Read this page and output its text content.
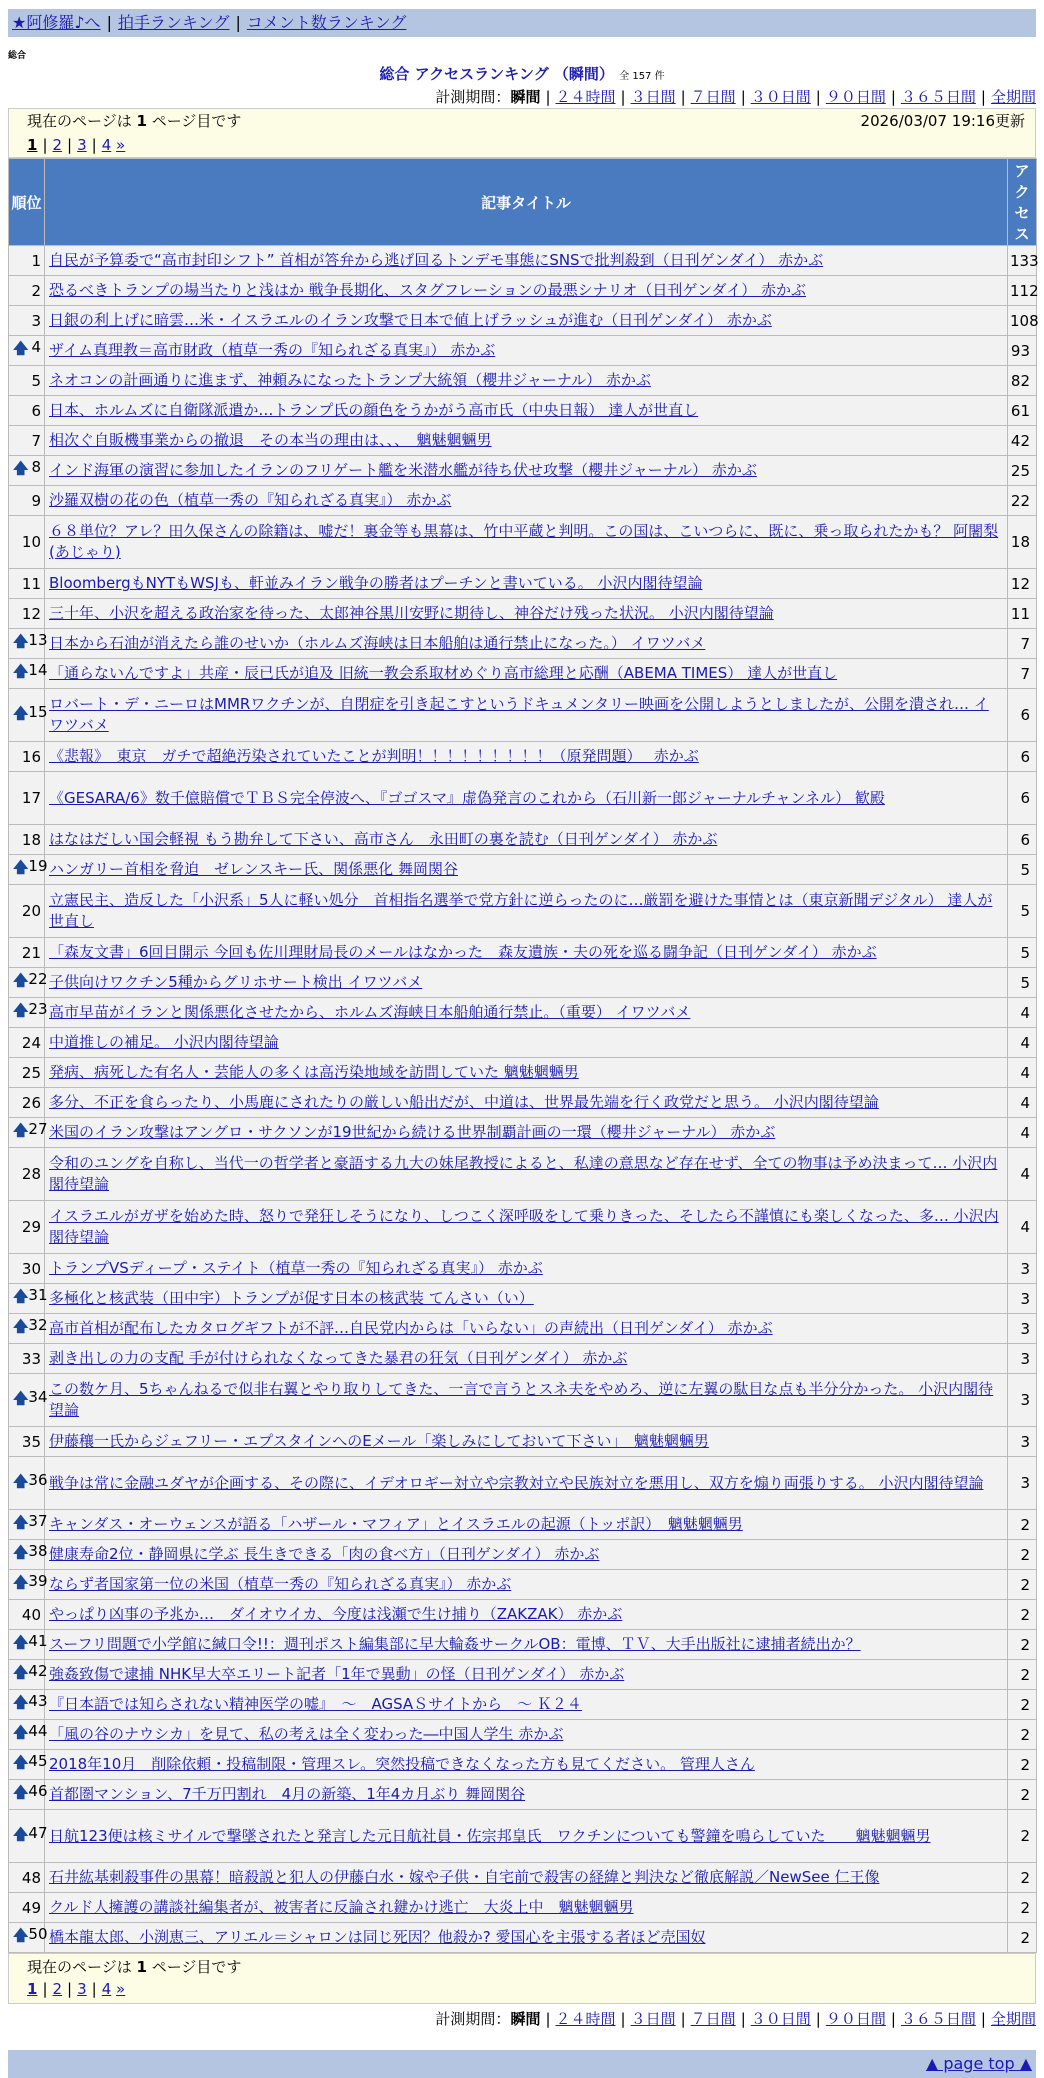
★阿修羅♪へ | 拍手ランキング | コメント数ランキング
総合
総合 アクセスランキング （瞬間） 全 157 件
計測期間：瞬間 | ２４時間 | ３日間 | ７日間 | ３０日間 | ９０日間 | ３６５日間 | 全期間
現在のページは 1 ページ目です	2026/03/07 19:16更新
1 | 2 | 3 | 4 »
順位	記事タイトル	アクセス
1	自民が予算委で“高市封印シフト” 首相が答弁から逃げ回るトンデモ事態にSNSで批判殺到（日刊ゲンダイ） 赤かぶ	133
2	恐るべきトランプの場当たりと浅はか 戦争長期化、スタグフレーションの最悪シナリオ（日刊ゲンダイ） 赤かぶ	112
3	日銀の利上げに暗雲…米・イスラエルのイラン攻撃で日本で値上げラッシュが進む（日刊ゲンダイ） 赤かぶ	108

🡅 4	ザイム真理教＝高市財政（植草一秀の『知られざる真実』） 赤かぶ	93
5	ネオコンの計画通りに進まず、神頼みになったトランプ大統領（櫻井ジャーナル） 赤かぶ	82
6	日本、ホルムズに自衛隊派遣か…トランプ氏の顔色をうかがう高市氏（中央日報） 達人が世直し	61
7	相次ぐ自販機事業からの撤退　その本当の理由は、、、　魑魅魍魎男	42

🡅 8	インド海軍の演習に参加したイランのフリゲート艦を米潜水艦が待ち伏せ攻撃（櫻井ジャーナル） 赤かぶ	25
9	沙羅双樹の花の色（植草一秀の『知られざる真実』） 赤かぶ	22
10	６８単位？アレ？田久保さんの除籍は、嘘だ！裏金等も黒幕は、竹中平蔵と判明。この国は、こいつらに、既に、乗っ取られたかも？ 阿闍梨(あじゃり)	18
11	BloombergもNYTもWSJも、軒並みイラン戦争の勝者はプーチンと書いている。 小沢内閣待望論	12
12	三十年、小沢を超える政治家を待った、太郎神谷黒川安野に期待し、神谷だけ残った状況。 小沢内閣待望論	11

🡅 13	日本から石油が消えたら誰のせいか（ホルムズ海峡は日本船舶は通行禁止になった。） イワツバメ	7

🡅 14	「通らないんですよ」共産・辰已氏が追及 旧統一教会系取材めぐり高市総理と応酬（ABEMA TIMES） 達人が世直し	7

🡅 15	ロバート・デ・ニーロはMMRワクチンが、自閉症を引き起こすというドキュメンタリー映画を公開しようとしましたが、公開を潰され… イワツバメ	6
16	《悲報》　東京　ガチで超絶汚染されていたことが判明！！！！！！！！！（原発問題）　 赤かぶ	6
17	《GESARA/6》数千億賠償でＴＢＳ完全停波へ、『ゴゴスマ』虚偽発言のこれから（石川新一郎ジャーナルチャンネル） 歓殿	6
18	はなはだしい国会軽視 もう勘弁して下さい、高市さん　永田町の裏を読む（日刊ゲンダイ） 赤かぶ	6

🡅 19	ハンガリー首相を脅迫　ゼレンスキー氏、関係悪化 舞岡関谷	5
20	立憲民主、造反した「小沢系」5人に軽い処分　首相指名選挙で党方針に逆らったのに…厳罰を避けた事情とは（東京新聞デジタル） 達人が世直し	5
21	「森友文書」6回目開示 今回も佐川理財局長のメールはなかった　森友遺族・夫の死を巡る闘争記（日刊ゲンダイ） 赤かぶ	5

🡅 22	子供向けワクチン5種からグリホサート検出 イワツバメ	5

🡅 23	高市早苗がイランと関係悪化させたから、ホルムズ海峡日本船舶通行禁止。（重要） イワツバメ	4
24	中道推しの補足。 小沢内閣待望論	4
25	発病、病死した有名人・芸能人の多くは高汚染地域を訪問していた 魑魅魍魎男	4
26	多分、不正を食らったり、小馬鹿にされたりの厳しい船出だが、中道は、世界最先端を行く政党だと思う。 小沢内閣待望論	4

🡅 27	米国のイラン攻撃はアングロ・サクソンが19世紀から続ける世界制覇計画の一環（櫻井ジャーナル） 赤かぶ	4
28	令和のユングを自称し、当代一の哲学者と豪語する九大の妹尾教授によると、私達の意思など存在せず、全ての物事は予め決まって… 小沢内閣待望論	4
29	イスラエルがガザを始めた時、怒りで発狂しそうになり、しつこく深呼吸をして乗りきった、そしたら不謹慎にも楽しくなった、多… 小沢内閣待望論	4
30	トランプVSディープ・ステイト（植草一秀の『知られざる真実』） 赤かぶ	3

🡅 31	多極化と核武装（田中宇）トランプが促す日本の核武装 てんさい（い）	3

🡅 32	高市首相が配布したカタログギフトが不評…自民党内からは「いらない」の声続出（日刊ゲンダイ） 赤かぶ	3
33	剥き出しの力の支配 手が付けられなくなってきた暴君の狂気（日刊ゲンダイ） 赤かぶ	3

🡅 34	この数ケ月、5ちゃんねるで似非右翼とやり取りしてきた、一言で言うとスネ夫をやめろ、逆に左翼の駄目な点も半分分かった。 小沢内閣待望論	3
35	伊藤穰一氏からジェフリー・エプスタインへのEメール「楽しみにしておいて下さい」　魑魅魍魎男	3

🡅 36	戦争は常に金融ユダヤが企画する、その際に、イデオロギー対立や宗教対立や民族対立を悪用し、双方を煽り両張りする。 小沢内閣待望論	3

🡅 37	キャンダス・オーウェンスが語る「ハザール・マフィア」とイスラエルの起源（トッポ訳）　魑魅魍魎男	2

🡅 38	健康寿命2位・静岡県に学ぶ 長生きできる「肉の食べ方」（日刊ゲンダイ） 赤かぶ	2

🡅 39	ならず者国家第一位の米国（植草一秀の『知られざる真実』） 赤かぶ	2
40	やっぱり凶事の予兆か…　ダイオウイカ、今度は浅瀬で生け捕り（ZAKZAK） 赤かぶ	2

🡅 41	スーフリ問題で小学館に緘口令!!：週刊ポスト編集部に早大輪姦サークルOB：電博、ＴＶ、大手出版社に逮捕者続出か？	2

🡅 42	強姦致傷で逮捕 NHK早大卒エリート記者「1年で異動」の怪（日刊ゲンダイ） 赤かぶ	2

🡅 43	『日本語では知らされない精神医学の嘘』　～　AGSAＳサイトから　～ Ｋ２４	2

🡅 44	「風の谷のナウシカ」を見て、私の考えは全く変わった―中国人学生 赤かぶ	2

🡅 45	2018年10月　削除依頼・投稿制限・管理スレ。突然投稿できなくなった方も見てください。 管理人さん	2

🡅 46	首都圏マンション、7千万円割れ　4月の新築、1年4カ月ぶり 舞岡関谷	2

🡅 47	日航123便は核ミサイルで撃墜されたと発言した元日航社員・佐宗邦皇氏　ワクチンについても警鐘を鳴らしていた　　魑魅魍魎男	2
48	石井紘基刺殺事件の黒幕！暗殺説と犯人の伊藤白水・嫁や子供・自宅前で殺害の経緯と判決など徹底解説／NewSee 仁王像	2
49	クルド人擁護の講談社編集者が、被害者に反論され鍵かけ逃亡　大炎上中　魑魅魍魎男	2

🡅 50	橋本龍太郎、小渕恵三、アリエル＝シャロンは同じ死因？他殺か? 愛国心を主張する者ほど売国奴	2
現在のページは 1 ページ目です
1 | 2 | 3 | 4 »
計測期間：瞬間 | ２４時間 | ３日間 | ７日間 | ３０日間 | ９０日間 | ３６５日間 | 全期間
▲ page top ▲
